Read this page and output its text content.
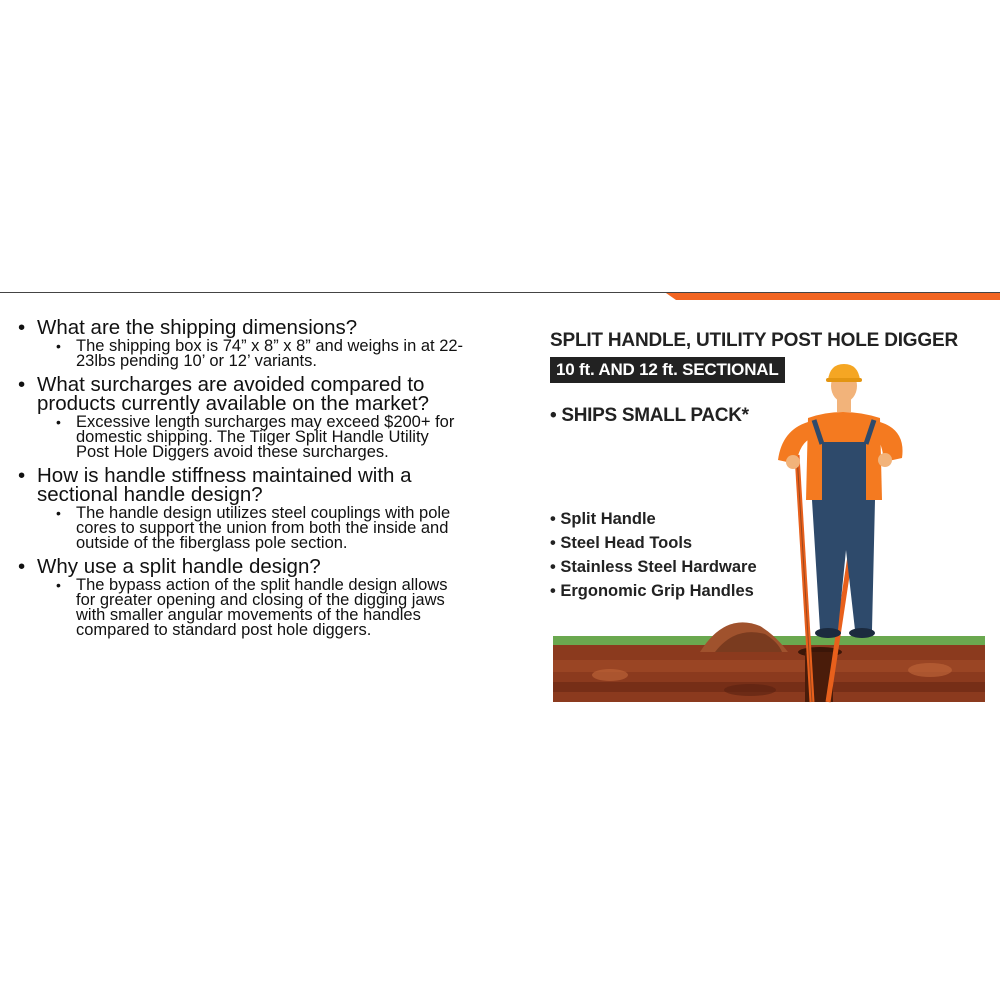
• What are the shipping dimensions?
• The shipping box is 74” x 8” x 8” and weighs in at 22-
23lbs pending 10’ or 12’ variants.
• What surcharges are avoided compared to
products currently available on the market?
• Excessive length surcharges may exceed $200+ for
domestic shipping. The Tiiger Split Handle Utility
Post Hole Diggers avoid these surcharges.
• How is handle stiffness maintained with a
sectional handle design?
• The handle design utilizes steel couplings with pole
cores to support the union from both the inside and
outside of the fiberglass pole section.
• Why use a split handle design?
• The bypass action of the split handle design allows
for greater opening and closing of the digging jaws
with smaller angular movements of the handles
compared to standard post hole diggers.
SPLIT HANDLE, UTILITY POST HOLE DIGGER
10 ft. AND 12 ft. SECTIONAL
• SHIPS SMALL PACK*
• Split Handle
• Steel Head Tools
• Stainless Steel Hardware
• Ergonomic Grip Handles
